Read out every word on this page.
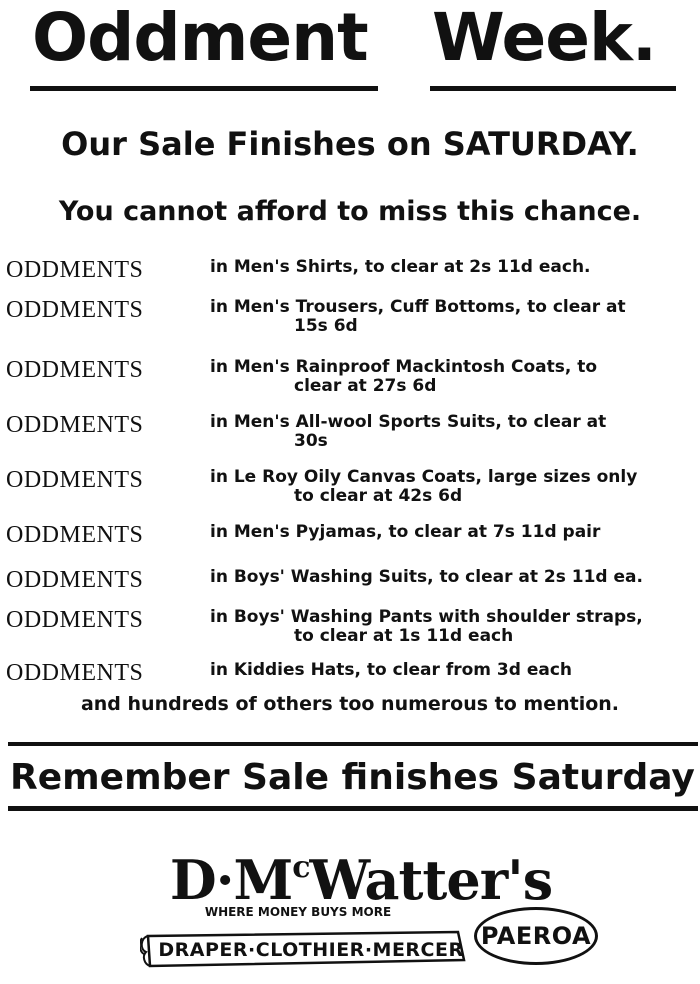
Oddment Week.
Our Sale Finishes on SATURDAY.
You cannot afford to miss this chance.
ODDMENTS	in Men's Shirts, to clear at 2s 11d each.
ODDMENTS	in Men's Trousers, Cuff Bottoms, to clear at
15s 6d
ODDMENTS	in Men's Rainproof Mackintosh Coats, to
clear at 27s 6d
ODDMENTS	in Men's All-wool Sports Suits, to clear at
30s
ODDMENTS	in Le Roy Oily Canvas Coats, large sizes only
to clear at 42s 6d
ODDMENTS	in Men's Pyjamas, to clear at 7s 11d pair
ODDMENTS	in Boys' Washing Suits, to clear at 2s 11d ea.
ODDMENTS	in Boys' Washing Pants with shoulder straps,
to clear at 1s 11d each
ODDMENTS	in Kiddies Hats, to clear from 3d each
and hundreds of others too numerous to mention.
Remember Sale finishes Saturday
$D\cdot M^cWatter's$
WHERE MONEY BUYS MORE
DRAPER·CLOTHIER·MERCER PAEROA
